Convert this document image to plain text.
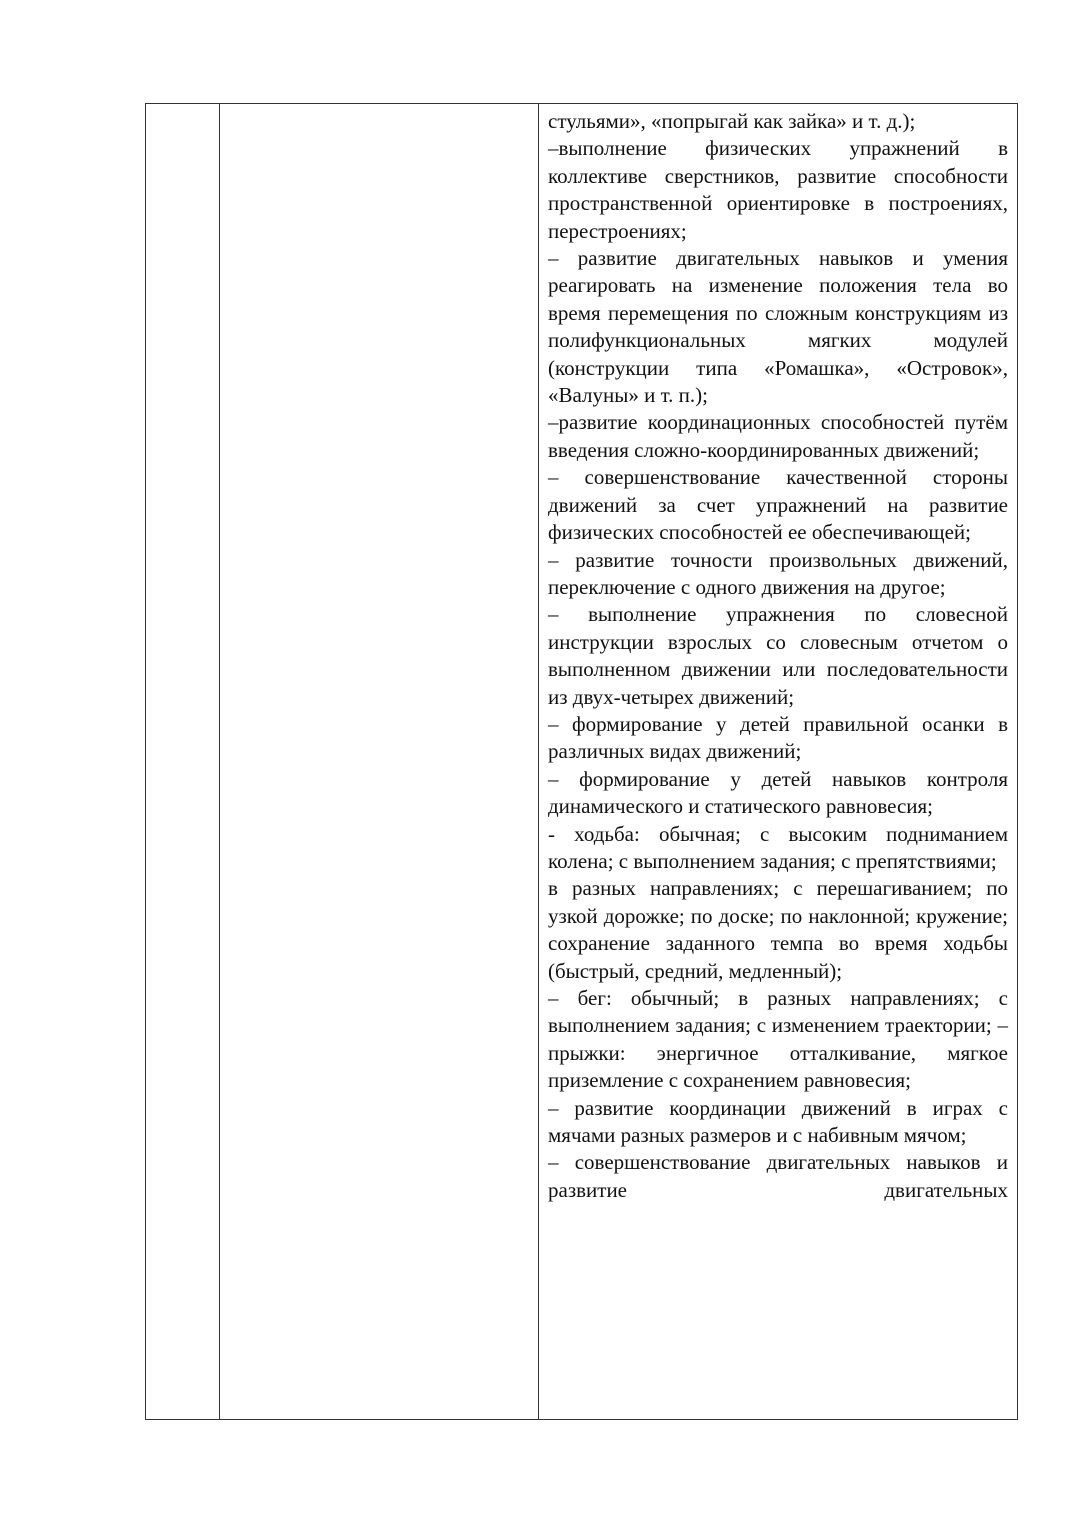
стульями», «попрыгай как зайка» и т. д.);

–выполнение физических упражнений в коллективе сверстников, развитие способности пространственной ориентировке в построениях, перестроениях;

– развитие двигательных навыков и умения реагировать на изменение положения тела во время перемещения по сложным конструкциям из полифункциональных мягких модулей (конструкции типа «Ромашка», «Островок», «Валуны» и т. п.);

–развитие координационных способностей путём введения сложно-координированных движений;

– совершенствование качественной стороны движений за счет упражнений на развитие физических способностей ее обеспечивающей;

– развитие точности произвольных движений, переключение с одного движения на другое;

– выполнение упражнения по словесной инструкции взрослых со словесным отчетом о выполненном движении или последовательности из двух-четырех движений;

– формирование у детей правильной осанки в различных видах движений;

– формирование у детей навыков контроля динамического и статического равновесия;

- ходьба: обычная; с высоким подниманием колена; с выполнением задания; с препятствиями;

в разных направлениях; с перешагиванием; по узкой дорожке; по доске; по наклонной; кружение; сохранение заданного темпа во время ходьбы (быстрый, средний, медленный);

– бег: обычный; в разных направлениях; с выполнением задания; с изменением траектории; – прыжки: энергичное отталкивание, мягкое приземление с сохранением равновесия;

– развитие координации движений в играх с мячами разных размеров и с набивным мячом;

– совершенствование двигательных навыков и развитие двигательных
